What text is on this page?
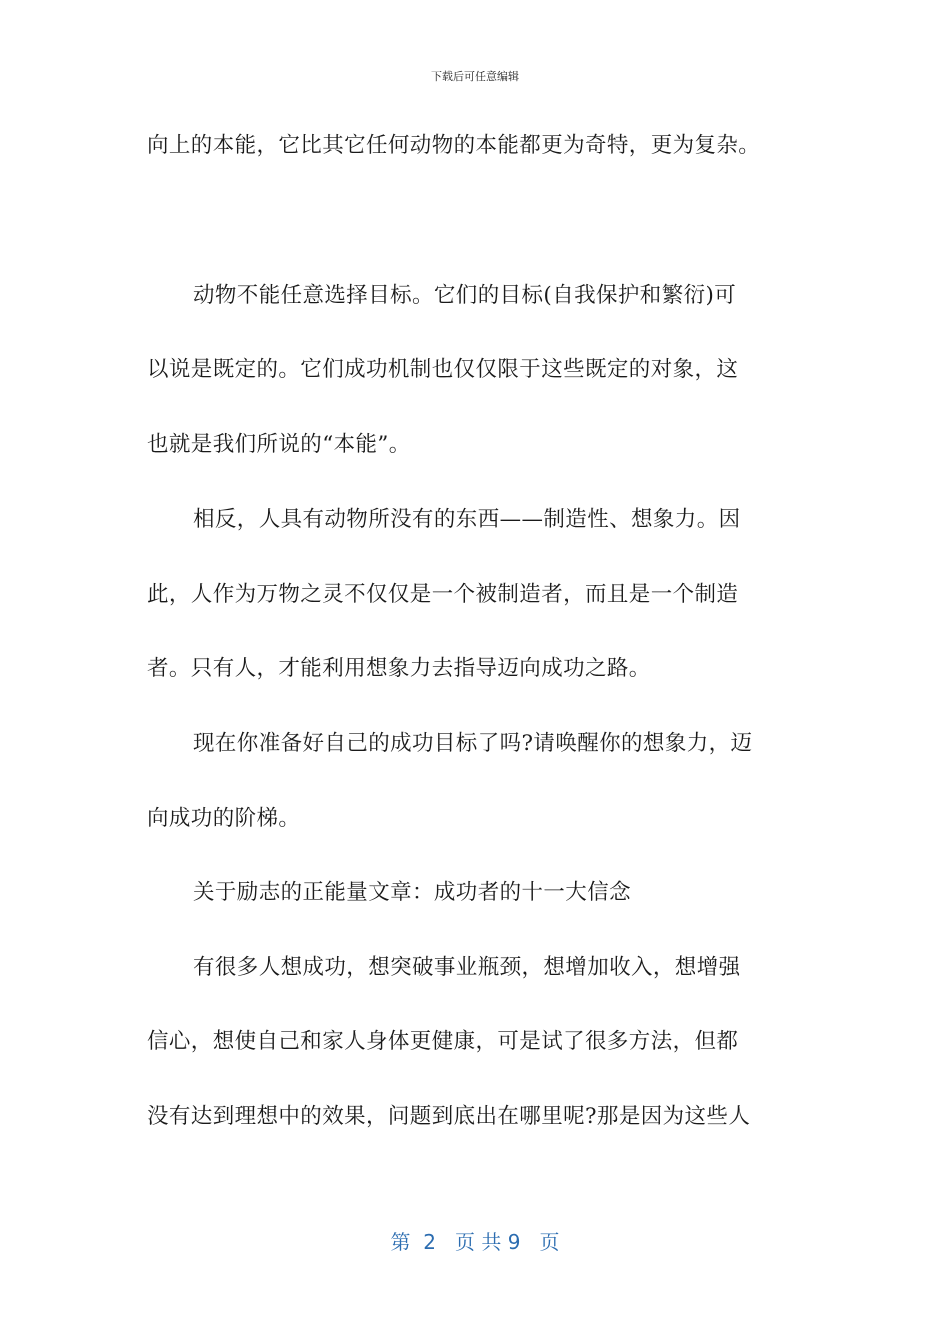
下载后可任意编辑
向上的本能，它比其它任何动物的本能都更为奇特，更为复杂。
动物不能任意选择目标。它们的目标(自我保护和繁衍)可
以说是既定的。它们成功机制也仅仅限于这些既定的对象，这
也就是我们所说的“本能”。
相反，人具有动物所没有的东西——制造性、想象力。因
此，人作为万物之灵不仅仅是一个被制造者，而且是一个制造
者。只有人，才能利用想象力去指导迈向成功之路。
现在你准备好自己的成功目标了吗?请唤醒你的想象力，迈
向成功的阶梯。
关于励志的正能量文章：成功者的十一大信念
有很多人想成功，想突破事业瓶颈，想增加收入，想增强
信心，想使自己和家人身体更健康，可是试了很多方法，但都
没有达到理想中的效果，问题到底出在哪里呢?那是因为这些人
第  2   页 共 9   页
